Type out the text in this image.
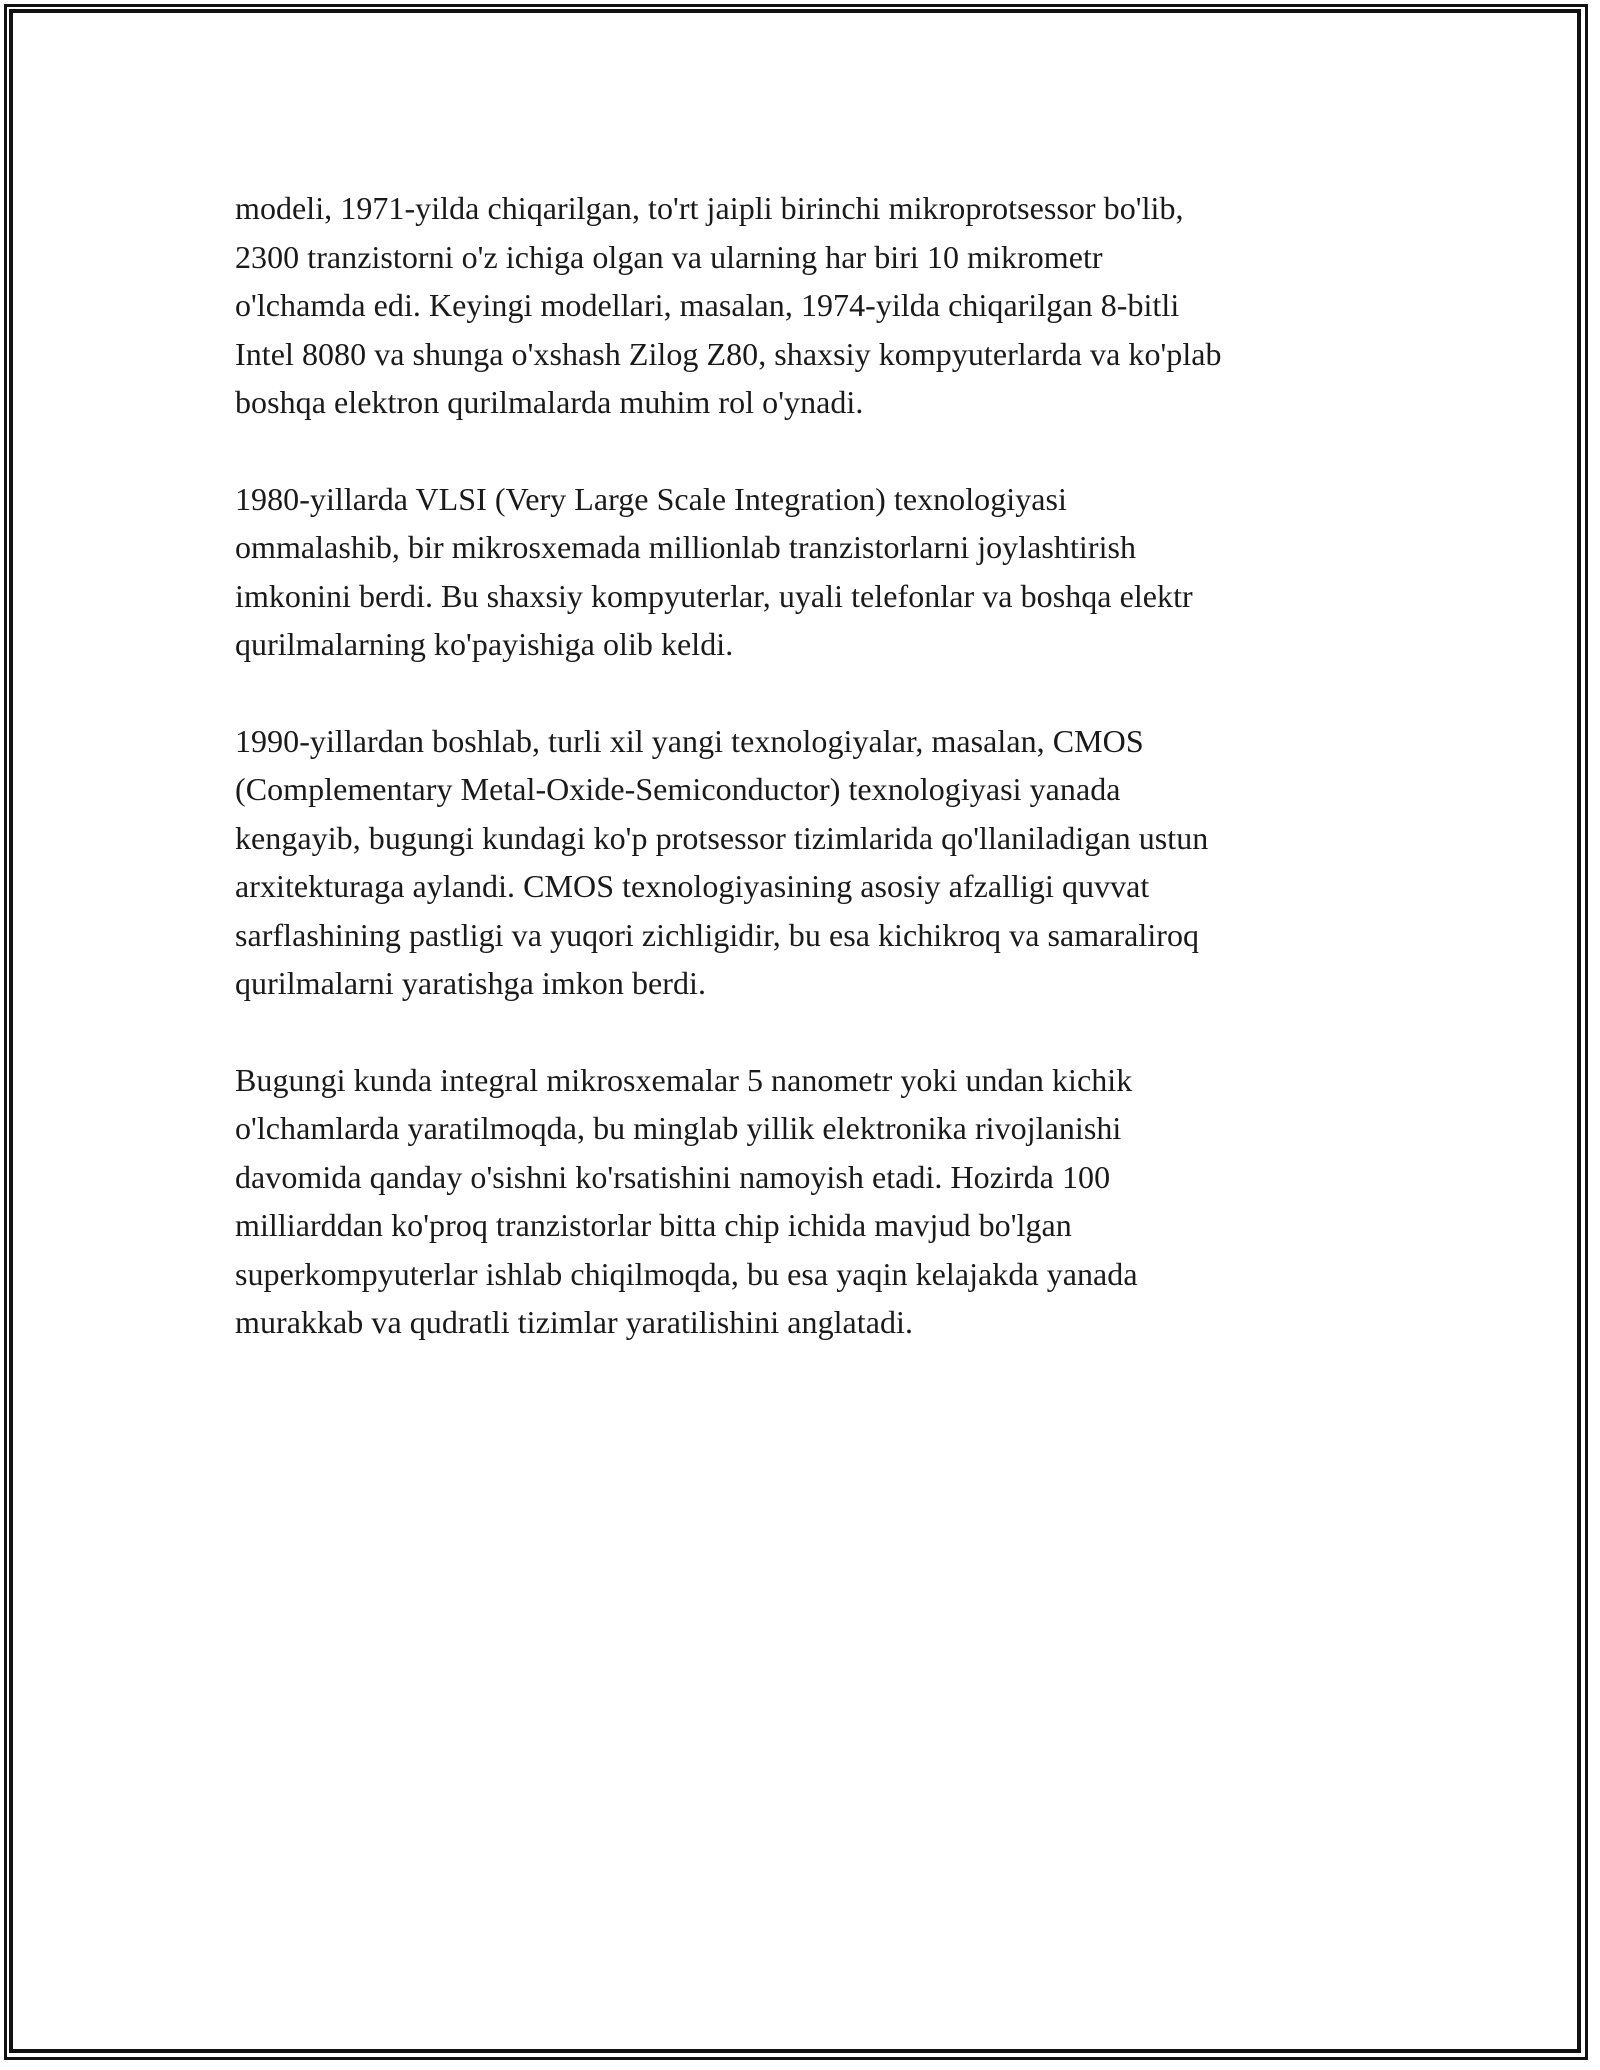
modeli, 1971-yilda chiqarilgan, to'rt jaipli birinchi mikroprotsessor bo'lib,
2300 tranzistorni o'z ichiga olgan va ularning har biri 10 mikrometr
o'lchamda edi. Keyingi modellari, masalan, 1974-yilda chiqarilgan 8-bitli
Intel 8080 va shunga o'xshash Zilog Z80, shaxsiy kompyuterlarda va ko'plab
boshqa elektron qurilmalarda muhim rol o'ynadi.

1980-yillarda VLSI (Very Large Scale Integration) texnologiyasi
ommalashib, bir mikrosxemada millionlab tranzistorlarni joylashtirish
imkonini berdi. Bu shaxsiy kompyuterlar, uyali telefonlar va boshqa elektr
qurilmalarning ko'payishiga olib keldi.

1990-yillardan boshlab, turli xil yangi texnologiyalar, masalan, CMOS
(Complementary Metal-Oxide-Semiconductor) texnologiyasi yanada
kengayib, bugungi kundagi ko'p protsessor tizimlarida qo'llaniladigan ustun
arxitekturaga aylandi. CMOS texnologiyasining asosiy afzalligi quvvat
sarflashining pastligi va yuqori zichligidir, bu esa kichikroq va samaraliroq
qurilmalarni yaratishga imkon berdi.

Bugungi kunda integral mikrosxemalar 5 nanometr yoki undan kichik
o'lchamlarda yaratilmoqda, bu minglab yillik elektronika rivojlanishi
davomida qanday o'sishni ko'rsatishini namoyish etadi. Hozirda 100
milliarddan ko'proq tranzistorlar bitta chip ichida mavjud bo'lgan
superkompyuterlar ishlab chiqilmoqda, bu esa yaqin kelajakda yanada
murakkab va qudratli tizimlar yaratilishini anglatadi.
